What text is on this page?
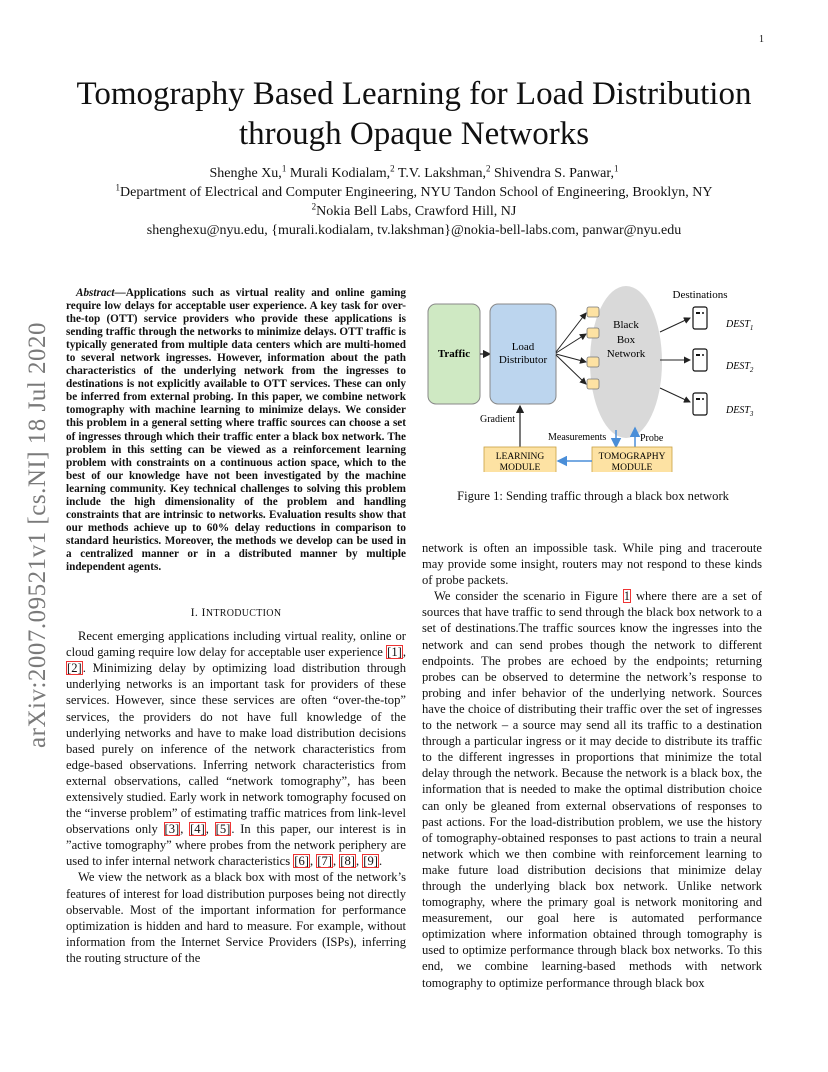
1
arXiv:2007.09521v1 [cs.NI] 18 Jul 2020
Tomography Based Learning for Load Distribution through Opaque Networks
Shenghe Xu,$^1$ Murali Kodialam,$^2$ T.V. Lakshman,$^2$ Shivendra S. Panwar,$^1$
$^1$Department of Electrical and Computer Engineering, NYU Tandon School of Engineering, Brooklyn, NY
$^2$Nokia Bell Labs, Crawford Hill, NJ
shenghexu@nyu.edu, {murali.kodialam, tv.lakshman}@nokia-bell-labs.com, panwar@nyu.edu

Abstract—Applications such as virtual reality and online gaming require low delays for acceptable user experience. A key task for over-the-top (OTT) service providers who provide these applications is sending traffic through the networks to minimize delays. OTT traffic is typically generated from multiple data centers which are multi-homed to several network ingresses. However, information about the path characteristics of the underlying network from the ingresses to destinations is not explicitly available to OTT services. These can only be inferred from external probing. In this paper, we combine network tomography with machine learning to minimize delays. We consider this problem in a general setting where traffic sources can choose a set of ingresses through which their traffic enter a black box network. The problem in this setting can be viewed as a reinforcement learning problem with constraints on a continuous action space, which to the best of our knowledge have not been investigated by the machine learning community. Key technical challenges to solving this problem include the high dimensionality of the problem and handling constraints that are intrinsic to networks. Evaluation results show that our methods achieve up to 60% delay reductions in comparison to standard heuristics. Moreover, the methods we develop can be used in a centralized manner or in a distributed manner by multiple independent agents.

I. INTRODUCTION

Recent emerging applications including virtual reality, online or cloud gaming require low delay for acceptable user experience [1], [2]. Minimizing delay by optimizing load distribution through underlying networks is an important task for providers of these services. However, since these services are often “over-the-top” services, the providers do not have full knowledge of the underlying networks and have to make load distribution decisions based purely on inference of the network characteristics from edge-based observations. Inferring network characteristics from external observations, called “network tomography”, has been extensively studied. Early work in network tomography focused on the “inverse problem” of estimating traffic matrices from link-level observations only [3], [4], [5]. In this paper, our interest is in ”active tomography” where probes from the network periphery are used to infer internal network characteristics [6], [7], [8], [9].

We view the network as a black box with most of the network’s features of interest for load distribution purposes being not directly observable. Most of the important information for performance optimization is hidden and hard to measure. For example, without information from the Internet Service Providers (ISPs), inferring the routing structure of the

Traffic
Load
Distributor
Black
Box
Network
Destinations
$DEST_1$
$DEST_2$
$DEST_3$
Gradient
Measurements	Probe
LEARNING
MODULE
TOMOGRAPHY
MODULE
Figure 1: Sending traffic through a black box network

network is often an impossible task. While ping and traceroute may provide some insight, routers may not respond to these kinds of probe packets.

We consider the scenario in Figure 1 where there are a set of sources that have traffic to send through the black box network to a set of destinations.The traffic sources know the ingresses into the network and can send probes though the network to different endpoints. The probes are echoed by the endpoints; returning probes can be observed to determine the network’s response to probing and infer behavior of the underlying network. Sources have the choice of distributing their traffic over the set of ingresses to the network – a source may send all its traffic to a destination through a particular ingress or it may decide to distribute its traffic to the different ingresses in proportions that minimize the total delay through the network. Because the network is a black box, the information that is needed to make the optimal distribution choice can only be gleaned from external observations of responses to past actions. For the load-distribution problem, we use the history of tomography-obtained responses to past actions to train a neural network which we then combine with reinforcement learning to make future load distribution decisions that minimize delay through the underlying black box network. Unlike network tomography, where the primary goal is network monitoring and measurement, our goal here is automated performance optimization where information obtained through tomography is used to optimize performance through black box networks. To this end, we combine learning-based methods with network tomography to optimize performance through black box
